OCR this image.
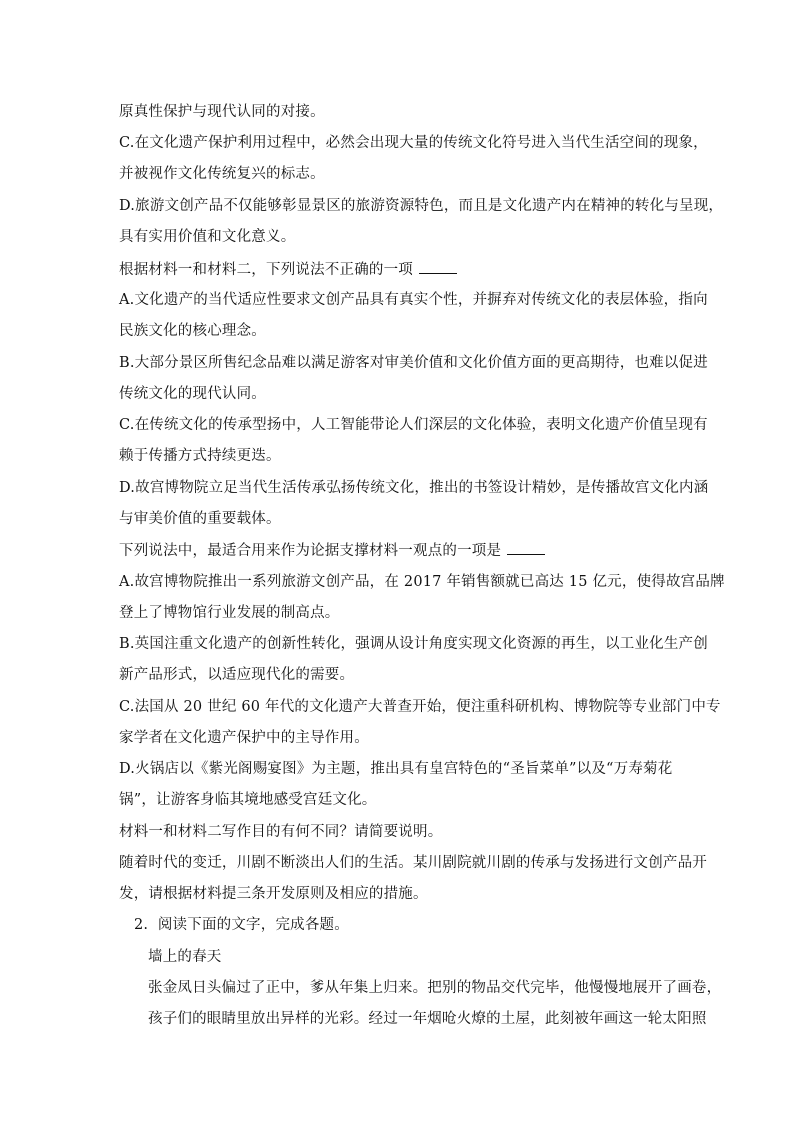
原真性保护与现代认同的对接。
C.在文化遗产保护利用过程中，必然会出现大量的传统文化符号进入当代生活空间的现象，
并被视作文化传统复兴的标志。
D.旅游文创产品不仅能够彰显景区的旅游资源特色，而且是文化遗产内在精神的转化与呈现，
具有实用价值和文化意义。
根据材料一和材料二，下列说法不正确的一项
A.文化遗产的当代适应性要求文创产品具有真实个性，并摒弃对传统文化的表层体验，指向
民族文化的核心理念。
B.大部分景区所售纪念品难以满足游客对审美价值和文化价值方面的更高期待，也难以促进
传统文化的现代认同。
C.在传统文化的传承型扬中，人工智能带论人们深层的文化体验，表明文化遗产价值呈现有
赖于传播方式持续更迭。
D.故宫博物院立足当代生活传承弘扬传统文化，推出的书签设计精妙，是传播故宫文化内涵
与审美价值的重要载体。
下列说法中，最适合用来作为论据支撑材料一观点的一项是
A.故宫博物院推出一系列旅游文创产品，在 2017 年销售额就已高达 15 亿元，使得故宫品牌
登上了博物馆行业发展的制高点。
B.英国注重文化遗产的创新性转化，强调从设计角度实现文化资源的再生，以工业化生产创
新产品形式，以适应现代化的需要。
C.法国从 20 世纪 60 年代的文化遗产大普查开始，便注重科研机构、博物院等专业部门中专
家学者在文化遗产保护中的主导作用。
D.火锅店以《紫光阁赐宴图》为主题，推出具有皇宫特色的“圣旨菜单”以及“万寿菊花
锅”，让游客身临其境地感受宫廷文化。
材料一和材料二写作目的有何不同？请简要说明。
随着时代的变迁，川剧不断淡出人们的生活。某川剧院就川剧的传承与发扬进行文创产品开
发，请根据材料提三条开发原则及相应的措施。
2.  阅读下面的文字，完成各题。
墙上的春天
张金凤日头偏过了正中，爹从年集上归来。把别的物品交代完毕，他慢慢地展开了画卷，
孩子们的眼睛里放出异样的光彩。经过一年烟呛火燎的土屋，此刻被年画这一轮太阳照
